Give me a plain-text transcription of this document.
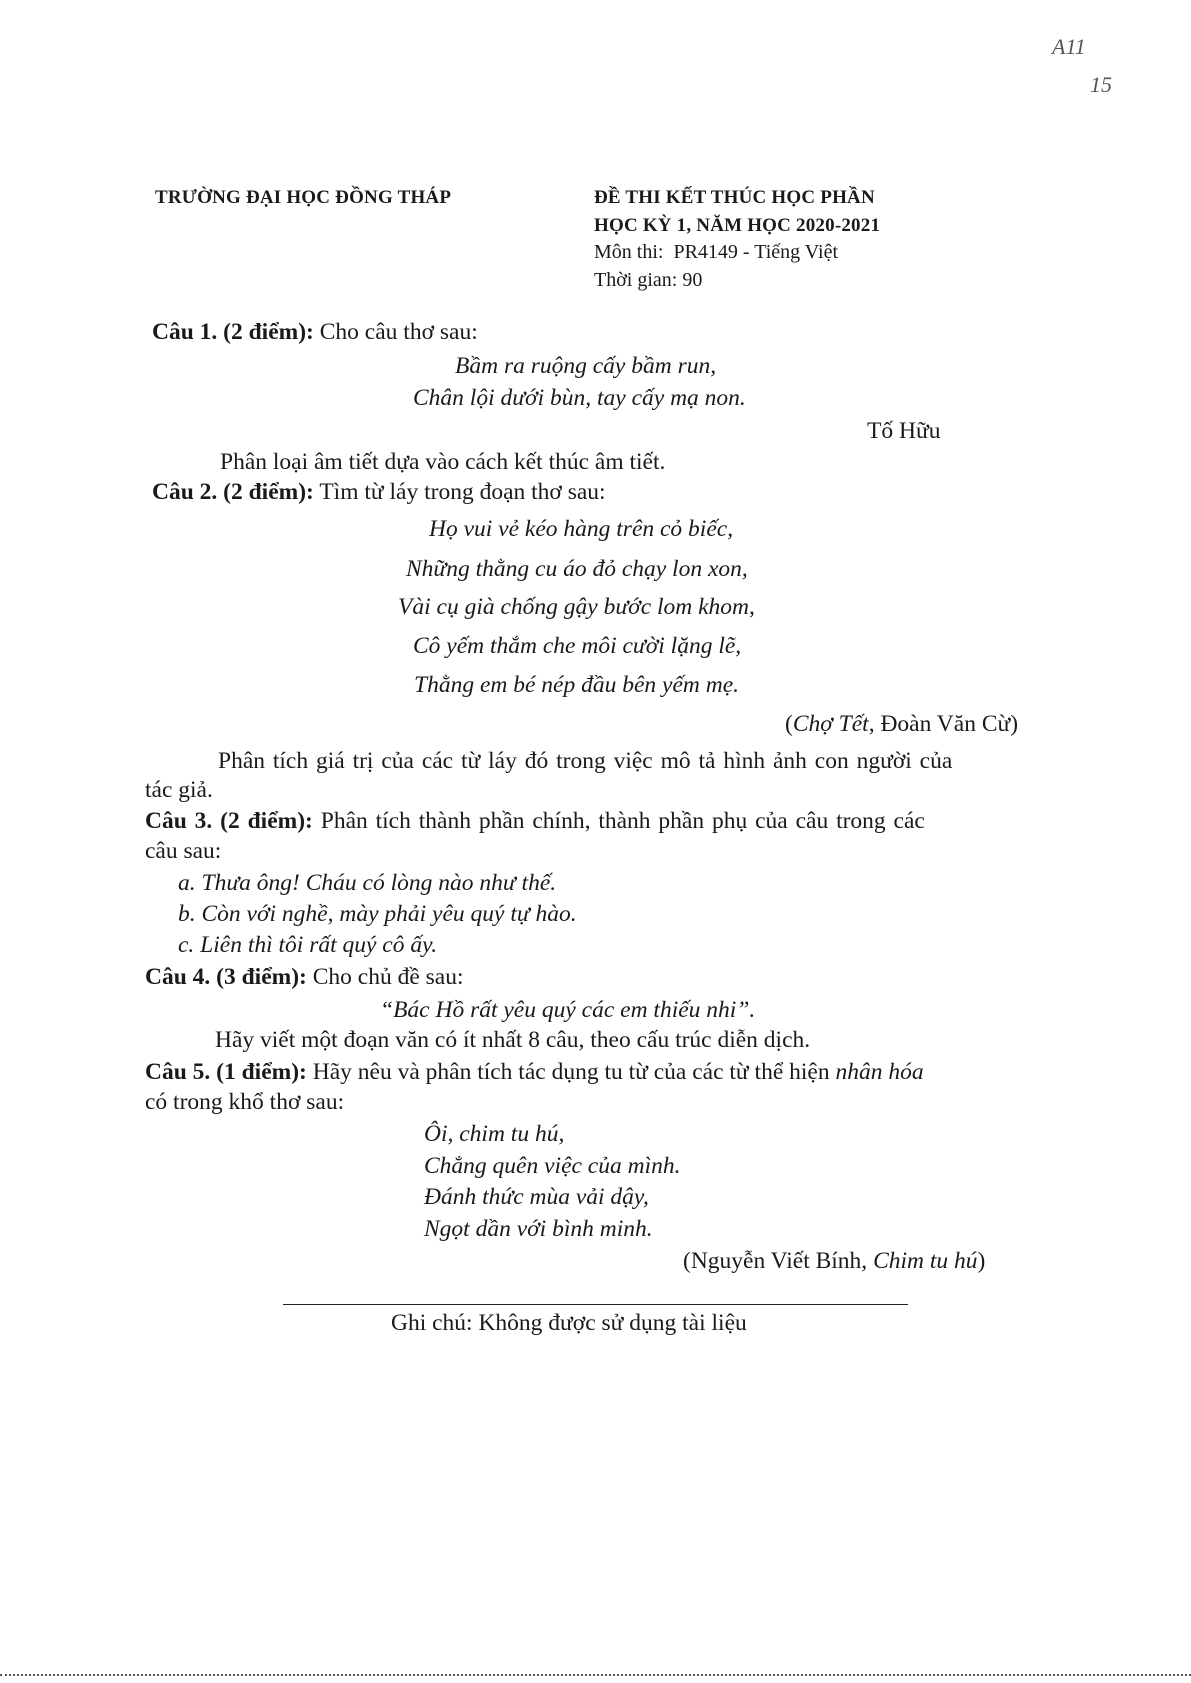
A11
15
TRƯỜNG ĐẠI HỌC ĐỒNG THÁP	ĐỀ THI KẾT THÚC HỌC PHẦN
HỌC KỲ 1, NĂM HỌC 2020-2021
Môn thi: PR4149 - Tiếng Việt
Thời gian: 90
Câu 1. (2 điểm): Cho câu thơ sau:
Bầm ra ruộng cấy bầm run,
Chân lội dưới bùn, tay cấy mạ non.
Tố Hữu
Phân loại âm tiết dựa vào cách kết thúc âm tiết.
Câu 2. (2 điểm): Tìm từ láy trong đoạn thơ sau:
Họ vui vẻ kéo hàng trên cỏ biếc,
Những thằng cu áo đỏ chạy lon xon,
Vài cụ già chống gậy bước lom khom,
Cô yếm thắm che môi cười lặng lẽ,
Thằng em bé nép đầu bên yếm mẹ.
(Chợ Tết, Đoàn Văn Cừ)
Phân tích giá trị của các từ láy đó trong việc mô tả hình ảnh con người của
tác giả.
Câu 3. (2 điểm): Phân tích thành phần chính, thành phần phụ của câu trong các
câu sau:
a. Thưa ông! Cháu có lòng nào như thế.
b. Còn với nghề, mày phải yêu quý tự hào.
c. Liên thì tôi rất quý cô ấy.
Câu 4. (3 điểm): Cho chủ đề sau:
“Bác Hồ rất yêu quý các em thiếu nhi”.
Hãy viết một đoạn văn có ít nhất 8 câu, theo cấu trúc diễn dịch.
Câu 5. (1 điểm): Hãy nêu và phân tích tác dụng tu từ của các từ thể hiện nhân hóa
có trong khổ thơ sau:
Ôi, chim tu hú,
Chẳng quên việc của mình.
Đánh thức mùa vải dậy,
Ngọt dần với bình minh.
(Nguyễn Viết Bính, Chim tu hú)
Ghi chú: Không được sử dụng tài liệu
